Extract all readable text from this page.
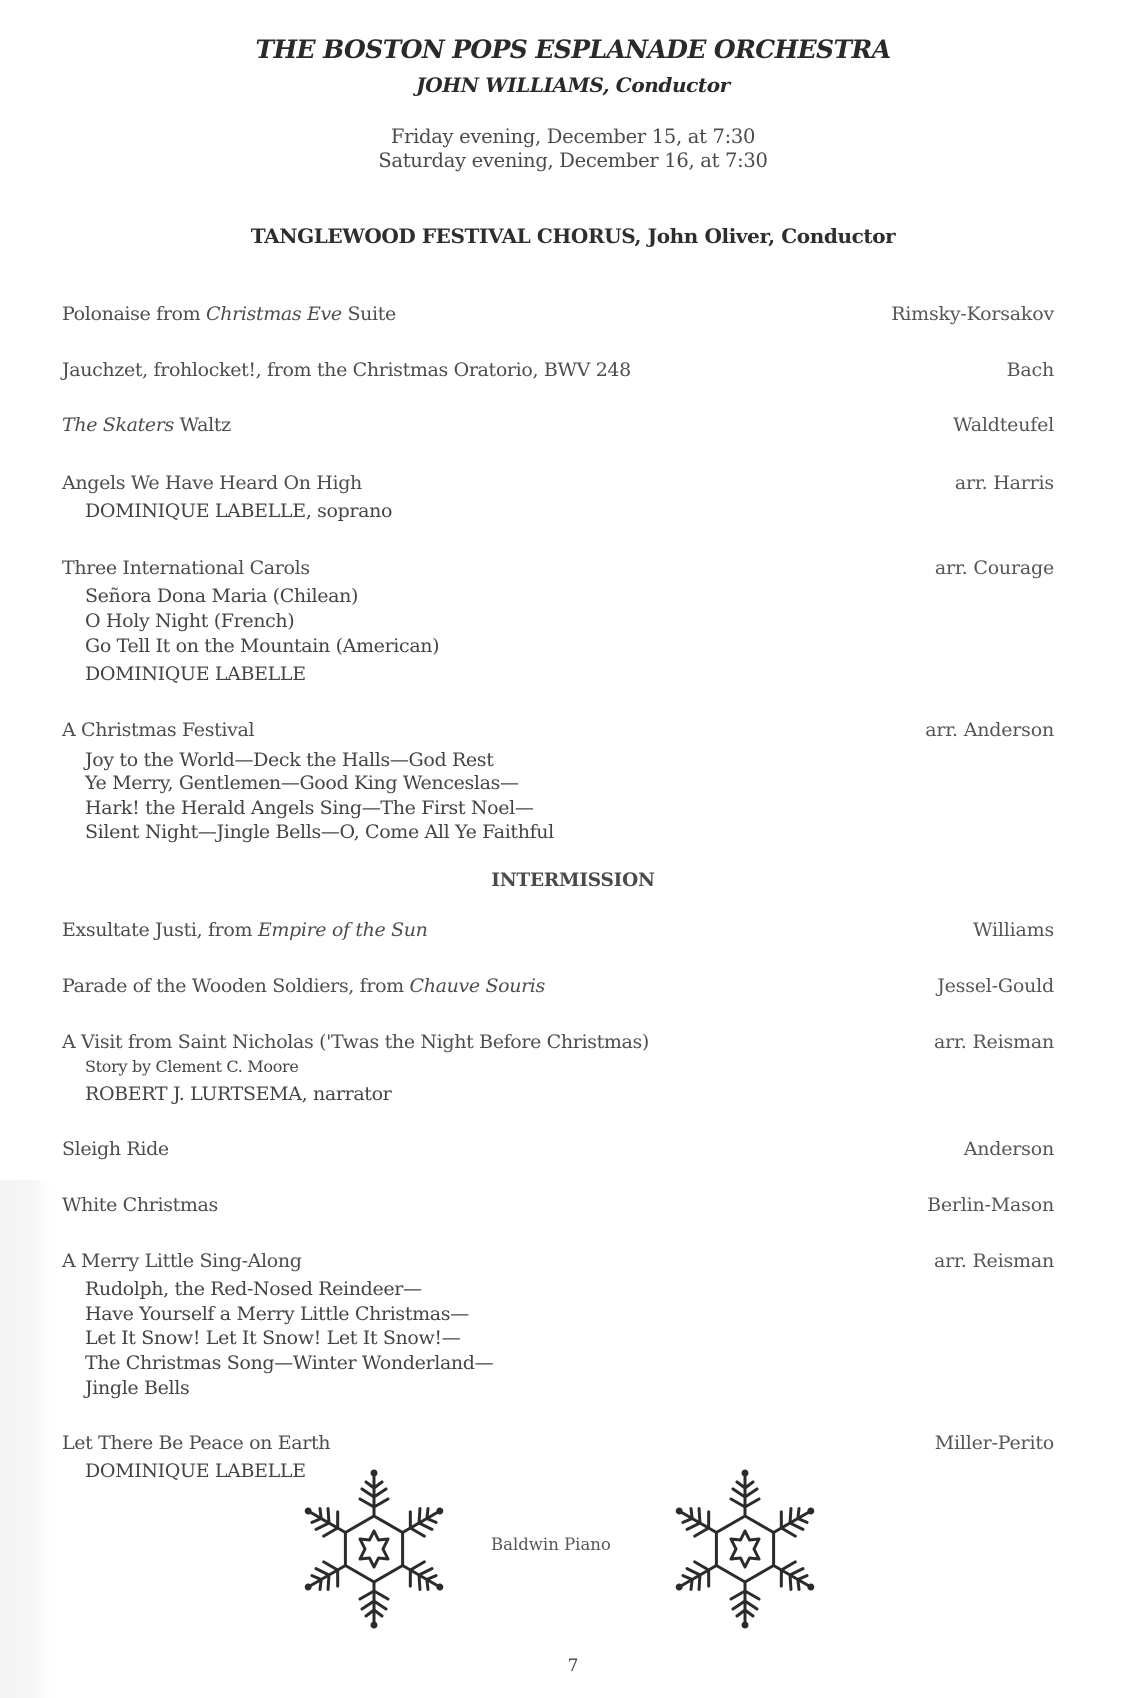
THE BOSTON POPS ESPLANADE ORCHESTRA
JOHN WILLIAMS, Conductor
Friday evening, December 15, at 7:30
Saturday evening, December 16, at 7:30
TANGLEWOOD FESTIVAL CHORUS, John Oliver, Conductor
Polonaise from Christmas Eve Suite	Rimsky-Korsakov
Jauchzet, frohlocket!, from the Christmas Oratorio, BWV 248	Bach
The Skaters Waltz	Waldteufel
Angels We Have Heard On High	arr. Harris
DOMINIQUE LABELLE, soprano
Three International Carols	arr. Courage
Señora Dona Maria (Chilean)
O Holy Night (French)
Go Tell It on the Mountain (American)
DOMINIQUE LABELLE
A Christmas Festival	arr. Anderson
Joy to the World—Deck the Halls—God Rest
Ye Merry, Gentlemen—Good King Wenceslas—
Hark! the Herald Angels Sing—The First Noel—
Silent Night—Jingle Bells—O, Come All Ye Faithful
INTERMISSION
Exsultate Justi, from Empire of the Sun	Williams
Parade of the Wooden Soldiers, from Chauve Souris	Jessel-Gould
A Visit from Saint Nicholas ('Twas the Night Before Christmas)	arr. Reisman
Story by Clement C. Moore
ROBERT J. LURTSEMA, narrator
Sleigh Ride	Anderson
White Christmas	Berlin-Mason
A Merry Little Sing-Along	arr. Reisman
Rudolph, the Red-Nosed Reindeer—
Have Yourself a Merry Little Christmas—
Let It Snow! Let It Snow! Let It Snow!—
The Christmas Song—Winter Wonderland—
Jingle Bells
Let There Be Peace on Earth	Miller-Perito
DOMINIQUE LABELLE
Baldwin Piano
7
